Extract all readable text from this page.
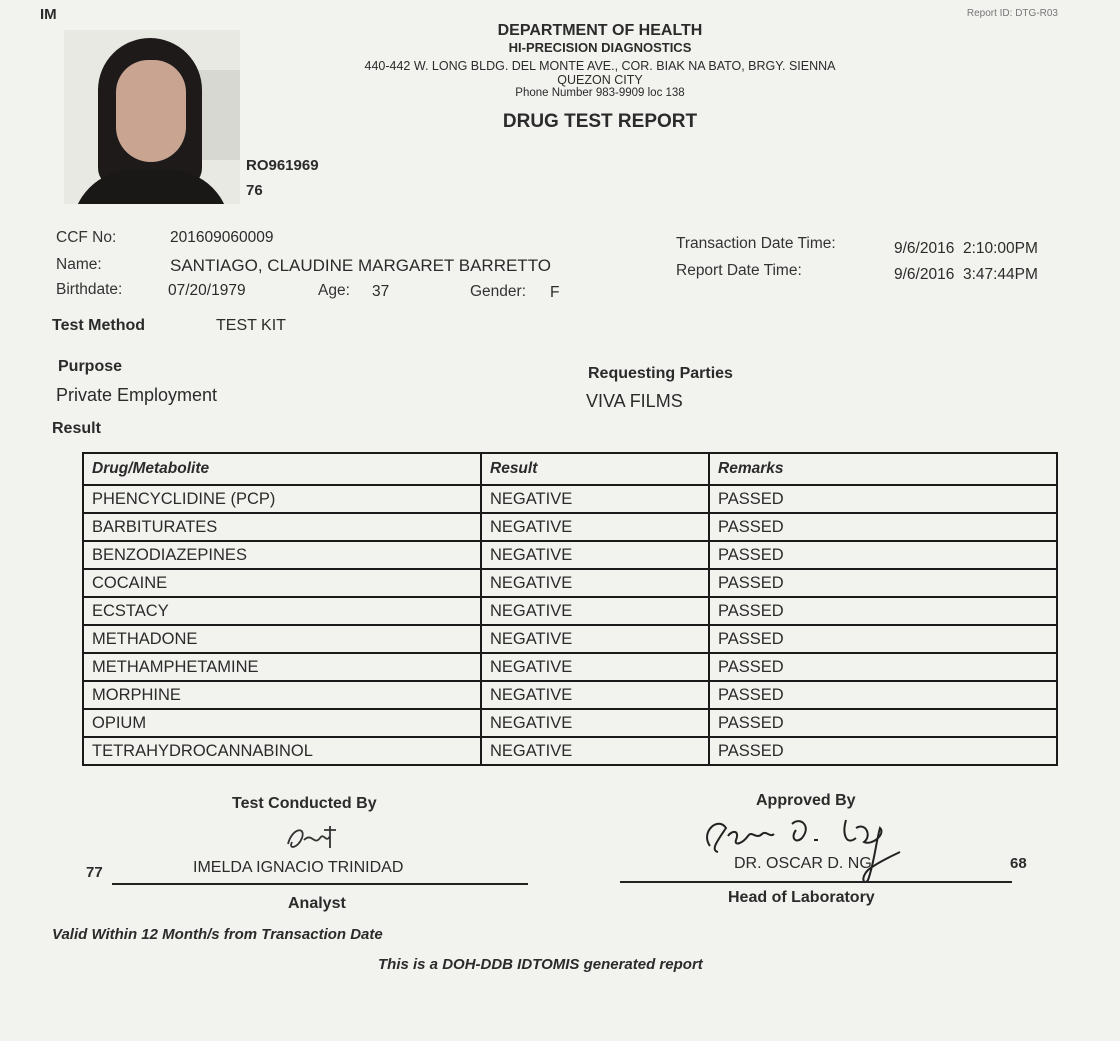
IM	Report ID: DTG-R03
RO961969
76
DEPARTMENT OF HEALTH
HI-PRECISION DIAGNOSTICS
440-442 W. LONG BLDG. DEL MONTE AVE., COR. BIAK NA BATO, BRGY. SIENNA
QUEZON CITY
Phone Number 983-9909 loc 138
DRUG TEST REPORT
CCF No:	201609060009
Name:	SANTIAGO, CLAUDINE MARGARET BARRETTO
Birthdate:	07/20/1979	Age: 37	Gender: F
Transaction Date Time:	9/6/2016  2:10:00PM
Report Date Time:	9/6/2016  3:47:44PM
Test Method	TEST KIT
Purpose
Private Employment
Requesting Parties
VIVA FILMS
Result
Drug/Metabolite	Result	Remarks
PHENCYCLIDINE (PCP)	NEGATIVE	PASSED
BARBITURATES	NEGATIVE	PASSED
BENZODIAZEPINES	NEGATIVE	PASSED
COCAINE	NEGATIVE	PASSED
ECSTACY	NEGATIVE	PASSED
METHADONE	NEGATIVE	PASSED
METHAMPHETAMINE	NEGATIVE	PASSED
MORPHINE	NEGATIVE	PASSED
OPIUM	NEGATIVE	PASSED
TETRAHYDROCANNABINOL	NEGATIVE	PASSED
Test Conducted By
77	IMELDA IGNACIO TRINIDAD
Analyst
Approved By
DR. OSCAR D. NG	68
Head of Laboratory
Valid Within 12 Month/s from Transaction Date
This is a DOH-DDB IDTOMIS generated report
